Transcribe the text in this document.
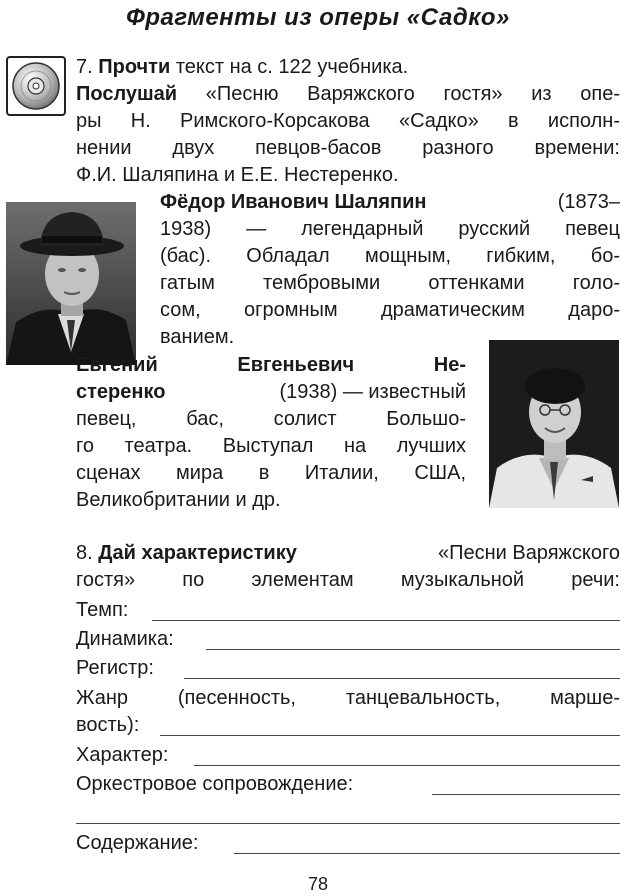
Фрагменты из оперы «Садко»
7. Прочти текст на с. 122 учебника.
Послушай «Песню Варяжского гостя» из опе-
ры Н. Римского-Корсакова «Садко» в исполн-
нении двух певцов-басов разного времени:
Ф.И. Шаляпина и Е.Е. Нестеренко.
Фёдор Иванович Шаляпин	(1873–
1938) — легендарный русский певец
(бас). Обладал мощным, гибким, бо-
гатым тембровыми оттенками голо-
сом, огромным драматическим даро-
ванием.
Евгений Евгеньевич Не-
стеренко	(1938) — известный
певец, бас, солист Большо-
го театра. Выступал на лучших
сценах мира в Италии, США,
Великобритании и др.
8. Дай характеристику	«Песни Варяжского
гостя» по элементам музыкальной речи:
Темп:
Динамика:
Регистр:
Жанр (песенность, танцевальность, марше-
вость):
Характер:
Оркестровое сопровождение:
Содержание:
78
